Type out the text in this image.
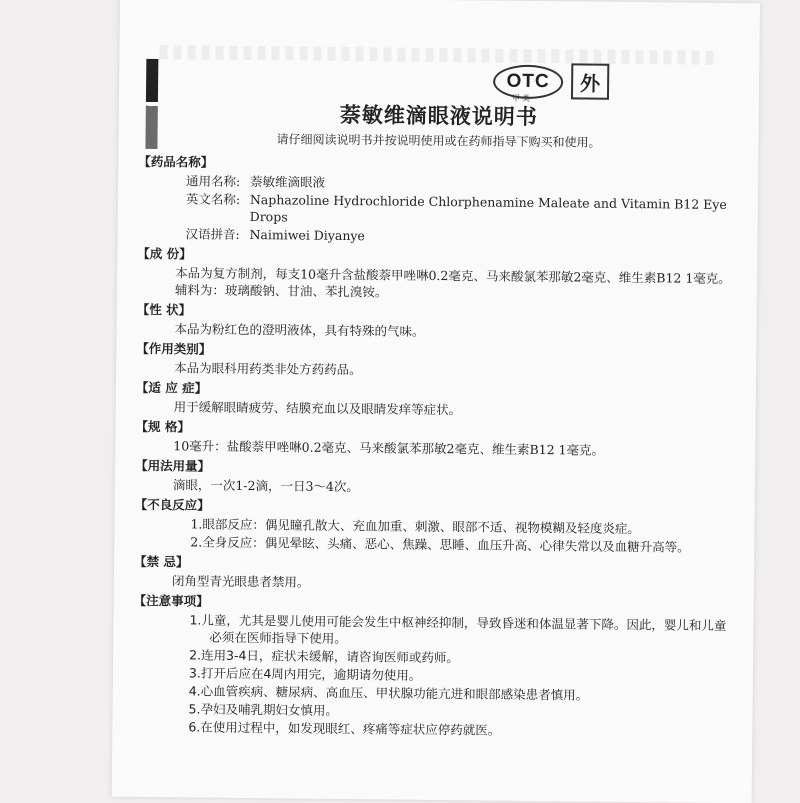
OTC
甲类
外
萘敏维滴眼液说明书
请仔细阅读说明书并按说明使用或在药师指导下购买和使用。
【药品名称】
通用名称: 萘敏维滴眼液
英文名称: Naphazoline Hydrochloride Chlorphenamine Maleate and Vitamin B12 Eye Drops
汉语拼音: Naimiwei Diyanye
【成 份】
本品为复方制剂，每支10毫升含盐酸萘甲唑啉0.2毫克、马来酸氯苯那敏2毫克、维生素B12 1毫克。辅料为：玻璃酸钠、甘油、苯扎溴铵。
【性 状】
本品为粉红色的澄明液体，具有特殊的气味。
【作用类别】
本品为眼科用药类非处方药药品。
【适 应 症】
用于缓解眼睛疲劳、结膜充血以及眼睛发痒等症状。
【规 格】
10毫升：盐酸萘甲唑啉0.2毫克、马来酸氯苯那敏2毫克、维生素B12 1毫克。
【用法用量】
滴眼，一次1-2滴，一日3～4次。
【不良反应】
1.眼部反应：偶见瞳孔散大、充血加重、刺激、眼部不适、视物模糊及轻度炎症。
2.全身反应：偶见晕眩、头痛、恶心、焦躁、思睡、血压升高、心律失常以及血糖升高等。
【禁 忌】
闭角型青光眼患者禁用。
【注意事项】
1.儿童，尤其是婴儿使用可能会发生中枢神经抑制，导致昏迷和体温显著下降。因此，婴儿和儿童必须在医师指导下使用。
2.连用3-4日，症状未缓解，请咨询医师或药师。
3.打开后应在4周内用完，逾期请勿使用。
4.心血管疾病、糖尿病、高血压、甲状腺功能亢进和眼部感染患者慎用。
5.孕妇及哺乳期妇女慎用。
6.在使用过程中，如发现眼红、疼痛等症状应停药就医。
